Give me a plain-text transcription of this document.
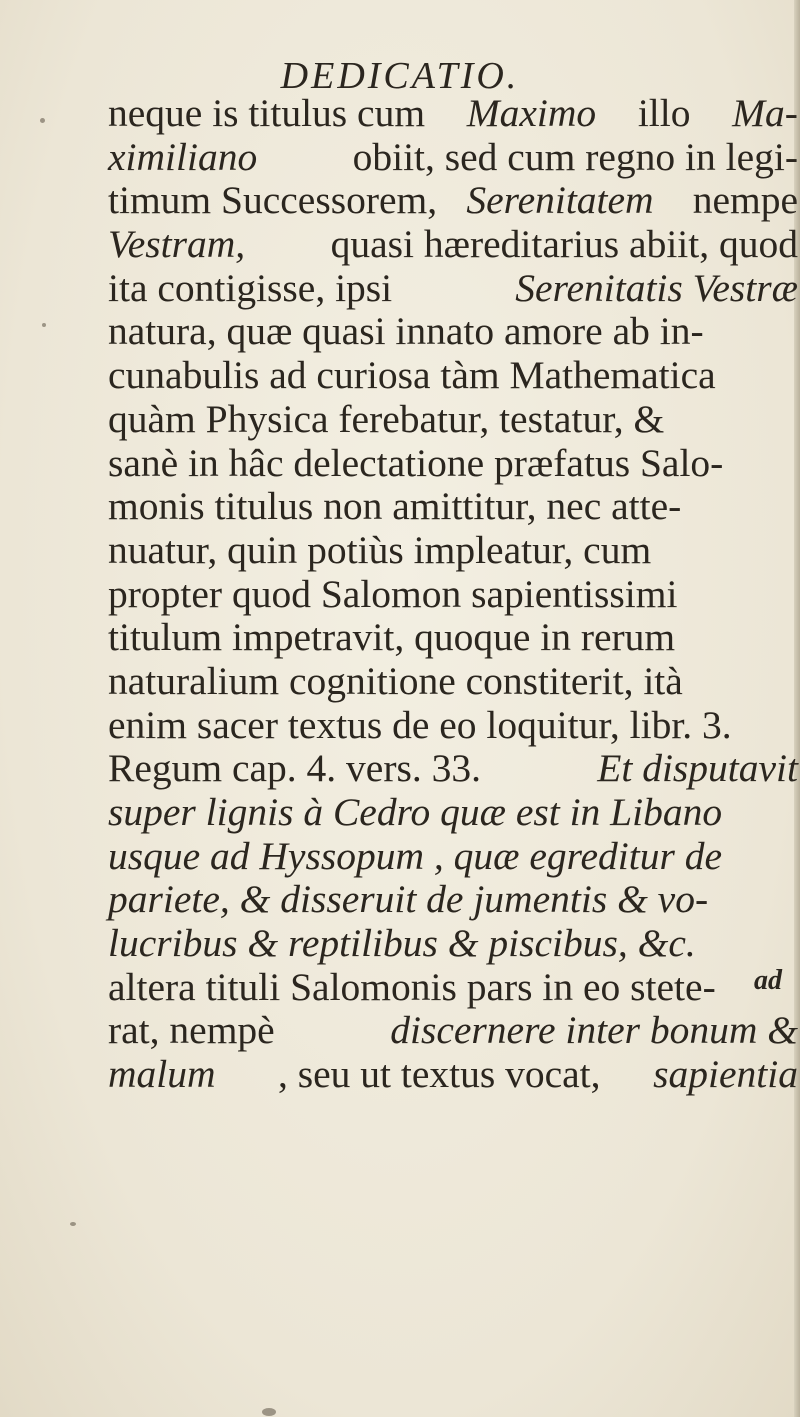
DEDICATIO.
neque is titulus cum Maximo illo Ma-
ximiliano obiit, sed cum regno in legi-
timum Successorem, Serenitatem nempe
Vestram, quasi hæreditarius abiit, quod
ita contigisse, ipsi	Serenitatis Vestræ
natura, quæ quasi innato amore ab in-
cunabulis ad curiosa tàm Mathematica
quàm Physica ferebatur, testatur, &
sanè in hâc delectatione præfatus Salo-
monis titulus non amittitur, nec atte-
nuatur, quin potiùs impleatur, cum
propter quod Salomon sapientissimi
titulum impetravit, quoque in rerum
naturalium cognitione constiterit, ità
enim sacer textus de eo loquitur, libr. 3.
Regum cap. 4. vers. 33. Et disputavit
super lignis à Cedro quæ est in Libano
usque ad Hyssopum , quæ egreditur de
pariete, & disseruit de jumentis & vo-
lucribus & reptilibus & piscibus, &c.
altera tituli Salomonis pars in eo stete-
rat, nempè	discernere inter bonum &
malum , seu ut textus vocat, sapientia
ad
